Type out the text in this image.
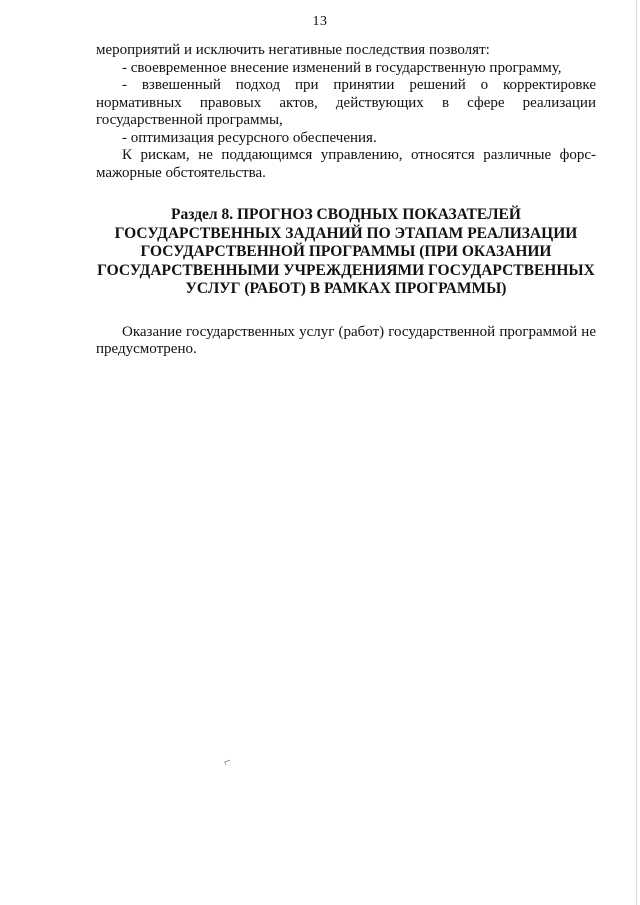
13

мероприятий и исключить негативные последствия позволят:

- своевременное внесение изменений в государственную программу,

- взвешенный подход при принятии решений о корректировке нормативных правовых актов, действующих в сфере реализации государственной программы,

- оптимизация ресурсного обеспечения.

К рискам, не поддающимся управлению, относятся различные форс-мажорные обстоятельства.

Раздел 8. ПРОГНОЗ СВОДНЫХ ПОКАЗАТЕЛЕЙ
ГОСУДАРСТВЕННЫХ ЗАДАНИЙ ПО ЭТАПАМ РЕАЛИЗАЦИИ
ГОСУДАРСТВЕННОЙ ПРОГРАММЫ (ПРИ ОКАЗАНИИ
ГОСУДАРСТВЕННЫМИ УЧРЕЖДЕНИЯМИ ГОСУДАРСТВЕННЫХ
УСЛУГ (РАБОТ) В РАМКАХ ПРОГРАММЫ)

Оказание государственных услуг (работ) государственной программой не предусмотрено.

⌐
